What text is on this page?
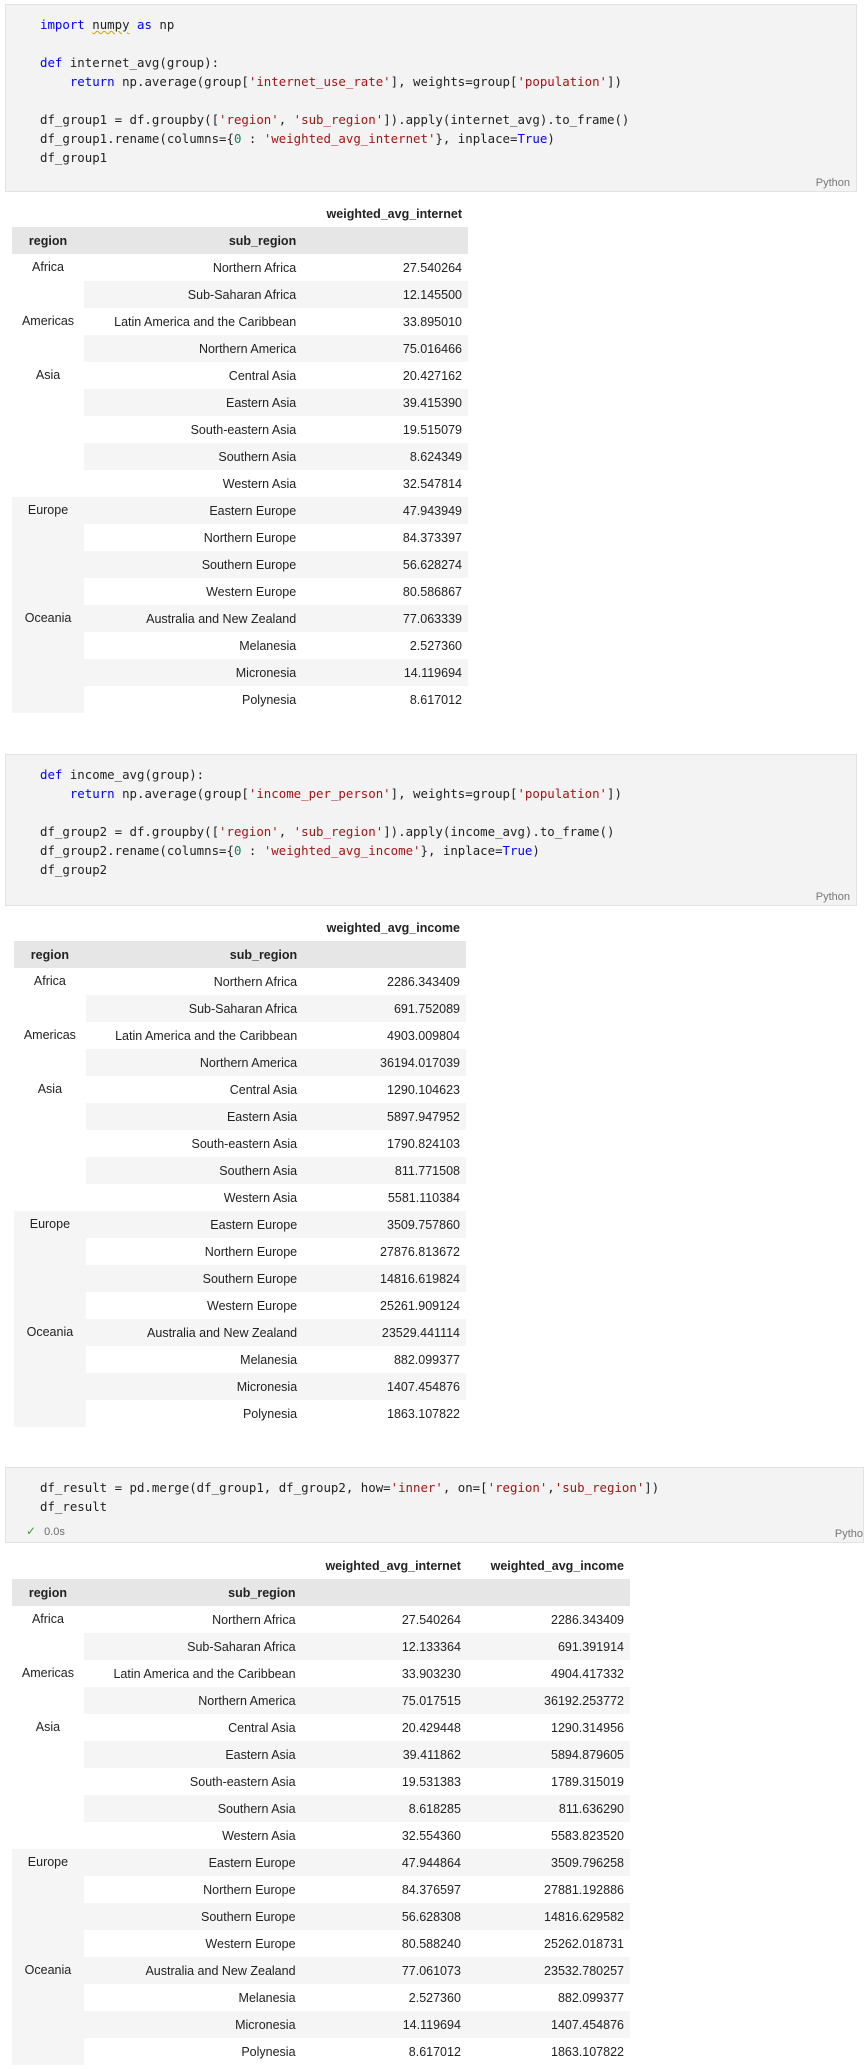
import numpy as np
def internet_avg(group):
return np.average(group['internet_use_rate'], weights=group['population'])
df_group1 = df.groupby(['region', 'sub_region']).apply(internet_avg).to_frame()
df_group1.rename(columns={0 : 'weighted_avg_internet'}, inplace=True)
df_group1
Python
		weighted_avg_internet
region	sub_region	
Africa	Northern Africa	27.540264
	Sub-Saharan Africa	12.145500
Americas	Latin America and the Caribbean	33.895010
	Northern America	75.016466
Asia	Central Asia	20.427162
	Eastern Asia	39.415390
	South-eastern Asia	19.515079
	Southern Asia	8.624349
	Western Asia	32.547814
Europe	Eastern Europe	47.943949
	Northern Europe	84.373397
	Southern Europe	56.628274
	Western Europe	80.586867
Oceania	Australia and New Zealand	77.063339
	Melanesia	2.527360
	Micronesia	14.119694
	Polynesia	8.617012
def income_avg(group):
return np.average(group['income_per_person'], weights=group['population'])
df_group2 = df.groupby(['region', 'sub_region']).apply(income_avg).to_frame()
df_group2.rename(columns={0 : 'weighted_avg_income'}, inplace=True)
df_group2
Python
		weighted_avg_income
region	sub_region	
Africa	Northern Africa	2286.343409
	Sub-Saharan Africa	691.752089
Americas	Latin America and the Caribbean	4903.009804
	Northern America	36194.017039
Asia	Central Asia	1290.104623
	Eastern Asia	5897.947952
	South-eastern Asia	1790.824103
	Southern Asia	811.771508
	Western Asia	5581.110384
Europe	Eastern Europe	3509.757860
	Northern Europe	27876.813672
	Southern Europe	14816.619824
	Western Europe	25261.909124
Oceania	Australia and New Zealand	23529.441114
	Melanesia	882.099377
	Micronesia	1407.454876
	Polynesia	1863.107822
df_result = pd.merge(df_group1, df_group2, how='inner', on=['region','sub_region'])
df_result
✓ 0.0s	Pytho
		weighted_avg_internet	weighted_avg_income
region	sub_region		
Africa	Northern Africa	27.540264	2286.343409
	Sub-Saharan Africa	12.133364	691.391914
Americas	Latin America and the Caribbean	33.903230	4904.417332
	Northern America	75.017515	36192.253772
Asia	Central Asia	20.429448	1290.314956
	Eastern Asia	39.411862	5894.879605
	South-eastern Asia	19.531383	1789.315019
	Southern Asia	8.618285	811.636290
	Western Asia	32.554360	5583.823520
Europe	Eastern Europe	47.944864	3509.796258
	Northern Europe	84.376597	27881.192886
	Southern Europe	56.628308	14816.629582
	Western Europe	80.588240	25262.018731
Oceania	Australia and New Zealand	77.061073	23532.780257
	Melanesia	2.527360	882.099377
	Micronesia	14.119694	1407.454876
	Polynesia	8.617012	1863.107822
